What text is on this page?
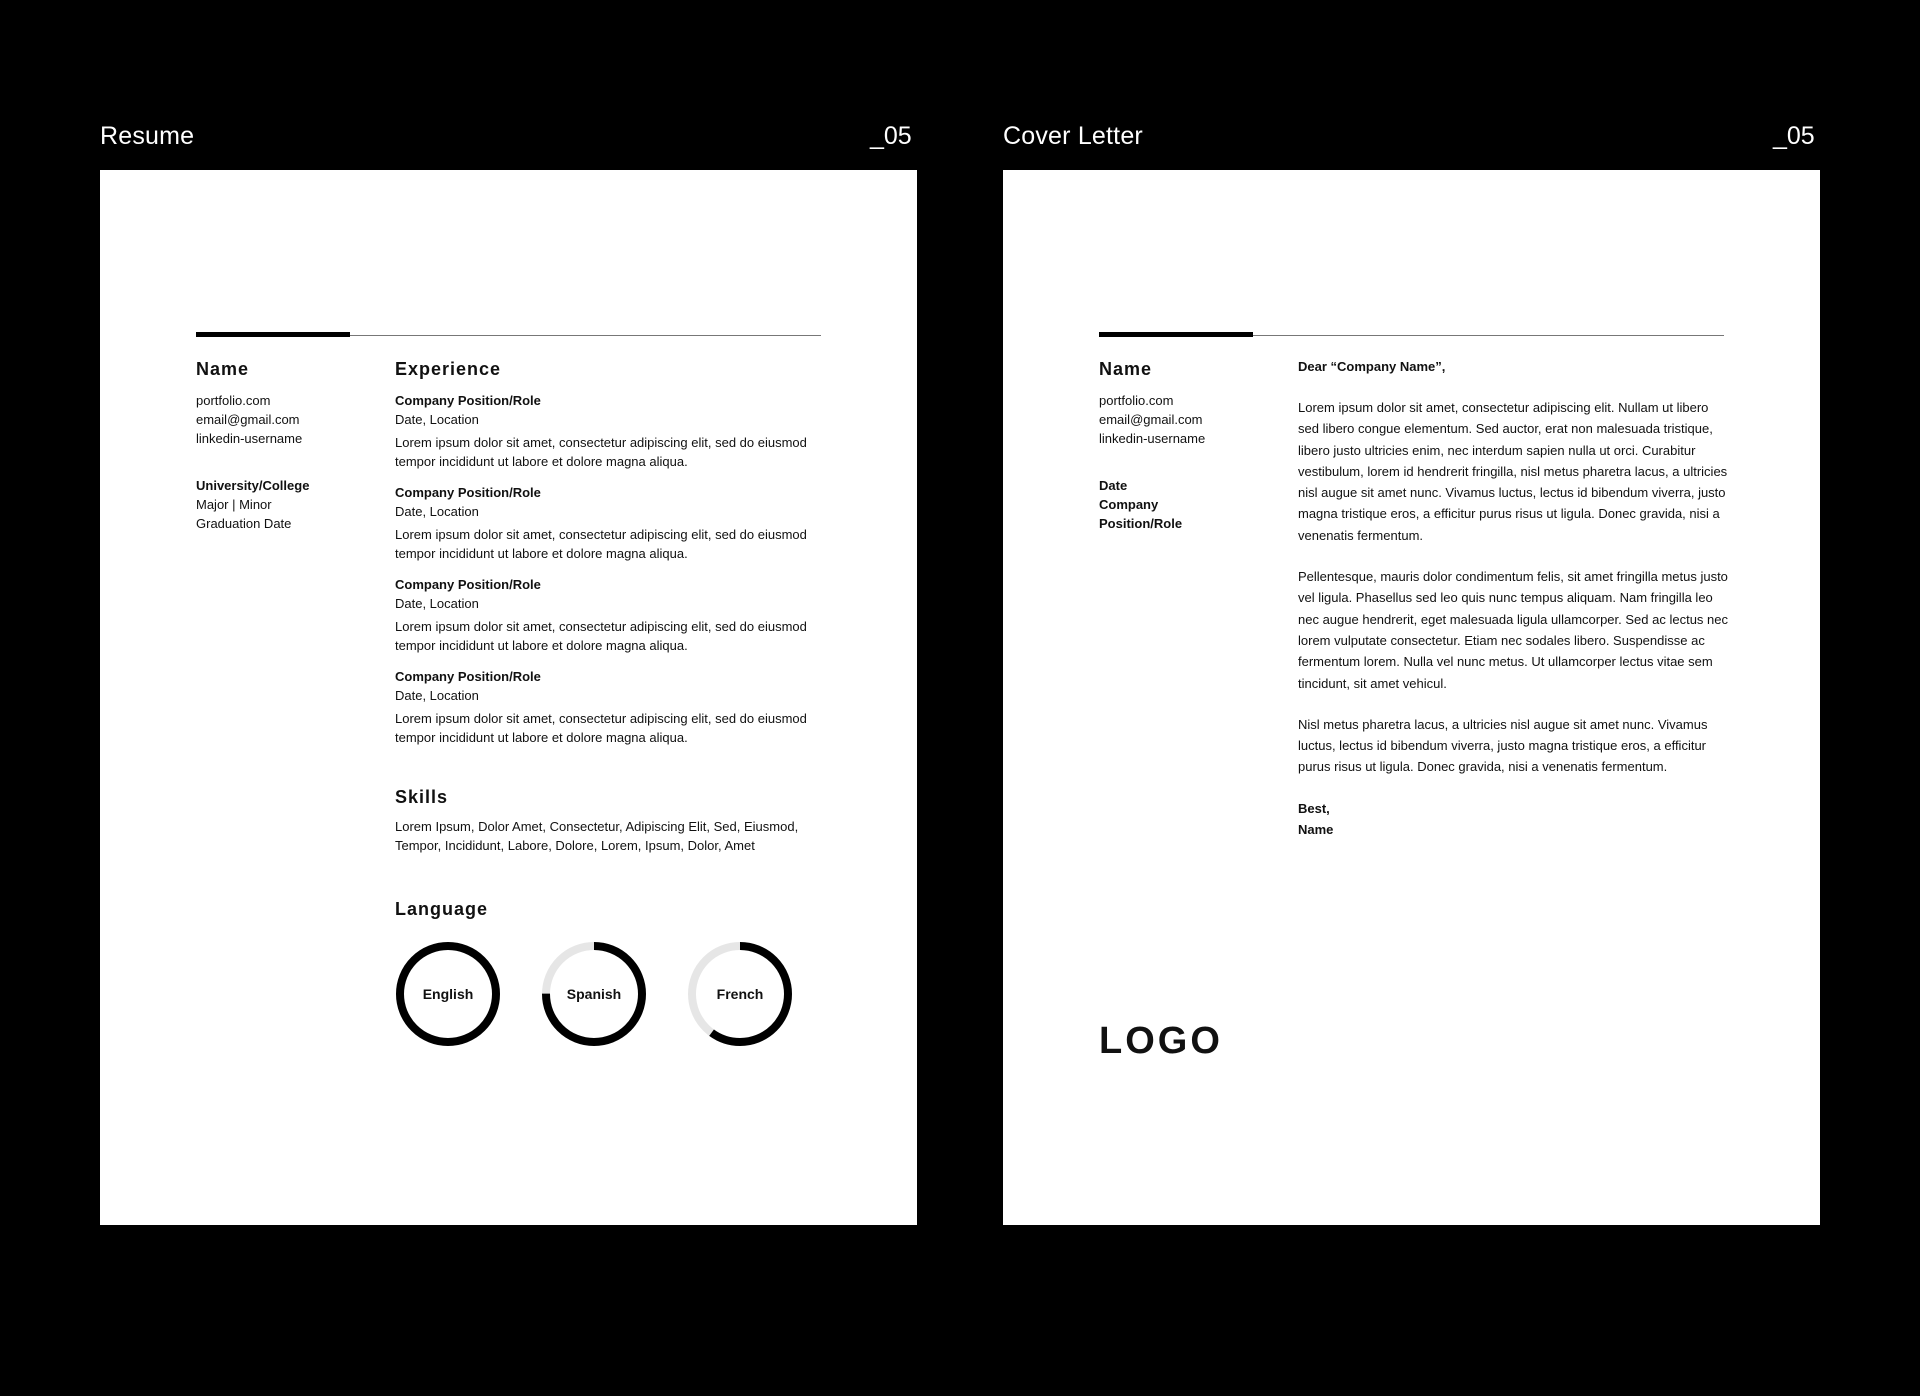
Resume	_05
Name
portfolio.com
email@gmail.com
linkedin-username
University/College
Major | Minor
Graduation Date
Experience
Company Position/Role
Date, Location
Lorem ipsum dolor sit amet, consectetur adipiscing elit, sed do eiusmod tempor incididunt ut labore et dolore magna aliqua.
Company Position/Role
Date, Location
Lorem ipsum dolor sit amet, consectetur adipiscing elit, sed do eiusmod tempor incididunt ut labore et dolore magna aliqua.
Company Position/Role
Date, Location
Lorem ipsum dolor sit amet, consectetur adipiscing elit, sed do eiusmod tempor incididunt ut labore et dolore magna aliqua.
Company Position/Role
Date, Location
Lorem ipsum dolor sit amet, consectetur adipiscing elit, sed do eiusmod tempor incididunt ut labore et dolore magna aliqua.
Skills
Lorem Ipsum, Dolor Amet, Consectetur, Adipiscing Elit, Sed, Eiusmod, Tempor, Incididunt, Labore, Dolore, Lorem, Ipsum, Dolor, Amet
Language
English	Spanish	French
Cover Letter	_05
Name
portfolio.com
email@gmail.com
linkedin-username
Date
Company
Position/Role

Dear “Company Name”,

Lorem ipsum dolor sit amet, consectetur adipiscing elit. Nullam ut libero sed libero congue elementum. Sed auctor, erat non malesuada tristique, libero justo ultricies enim, nec interdum sapien nulla ut orci. Curabitur vestibulum, lorem id hendrerit fringilla, nisl metus pharetra lacus, a ultricies nisl augue sit amet nunc. Vivamus luctus, lectus id bibendum viverra, justo magna tristique eros, a efficitur purus risus ut ligula. Donec gravida, nisi a venenatis fermentum.

Pellentesque, mauris dolor condimentum felis, sit amet fringilla metus justo vel ligula. Phasellus sed leo quis nunc tempus aliquam. Nam fringilla leo nec augue hendrerit, eget malesuada ligula ullamcorper. Sed ac lectus nec lorem vulputate consectetur. Etiam nec sodales libero. Suspendisse ac fermentum lorem. Nulla vel nunc metus. Ut ullamcorper lectus vitae sem tincidunt, sit amet vehicul.

Nisl metus pharetra lacus, a ultricies nisl augue sit amet nunc. Vivamus luctus, lectus id bibendum viverra, justo magna tristique eros, a efficitur purus risus ut ligula. Donec gravida, nisi a venenatis fermentum.

Best,
Name
LOGO
